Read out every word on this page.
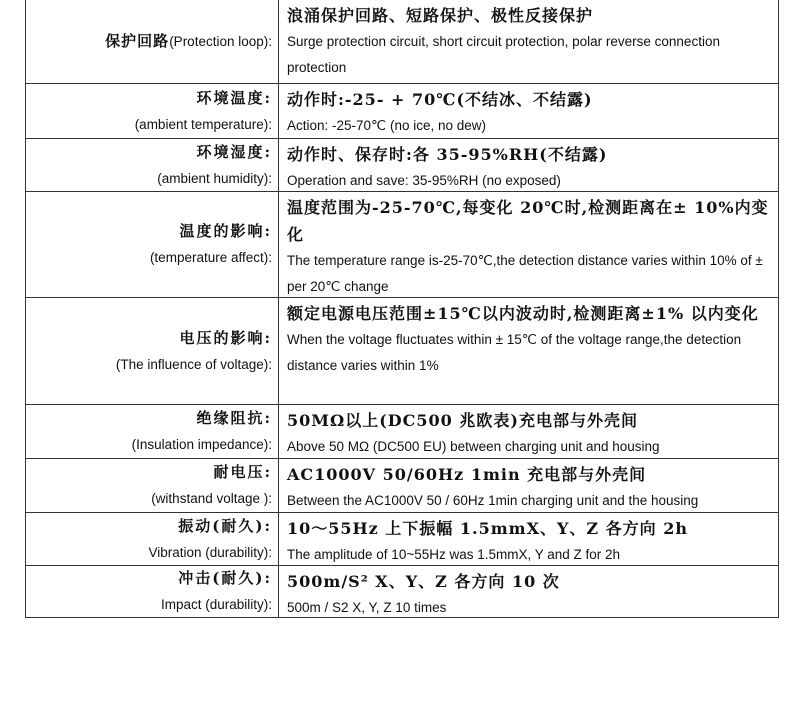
保护回路 (Protection loop):
浪涌保护回路、短路保护、极性反接保护
Surge protection circuit, short circuit protection, polar reverse connection protection
环境温度:
(ambient temperature):
动作时:-25- + 70℃(不结冰、不结露)
Action: -25-70℃ (no ice, no dew)
环境湿度:
(ambient humidity):
动作时、保存时:各 35-95%RH(不结露)
Operation and save: 35-95%RH (no exposed)
温度的影响:
(temperature affect):
温度范围为-25-70℃,每变化 20℃时,检测距离在± 10%内变化
The temperature range is-25-70℃,the detection distance varies within 10% of ± per 20℃ change
电压的影响:
(The influence of voltage):
额定电源电压范围±15℃以内波动时,检测距离±1% 以内变化
When the voltage fluctuates within ± 15℃ of the voltage range,the detection distance varies within 1%
绝缘阻抗:
(Insulation impedance):
50MΩ以上(DC500 兆欧表)充电部与外壳间
Above 50 MΩ (DC500 EU) between charging unit and housing
耐电压:
(withstand voltage ):
AC1000V 50/60Hz 1min 充电部与外壳间
Between the AC1000V 50 / 60Hz 1min charging unit and the housing
振动(耐久):
Vibration (durability):
10～55Hz 上下振幅 1.5mmX、Y、Z 各方向 2h
The amplitude of 10~55Hz was 1.5mmX, Y and Z for 2h
冲击(耐久):
Impact (durability):
500m/S² X、Y、Z 各方向 10 次
500m / S2 X, Y, Z 10 times
